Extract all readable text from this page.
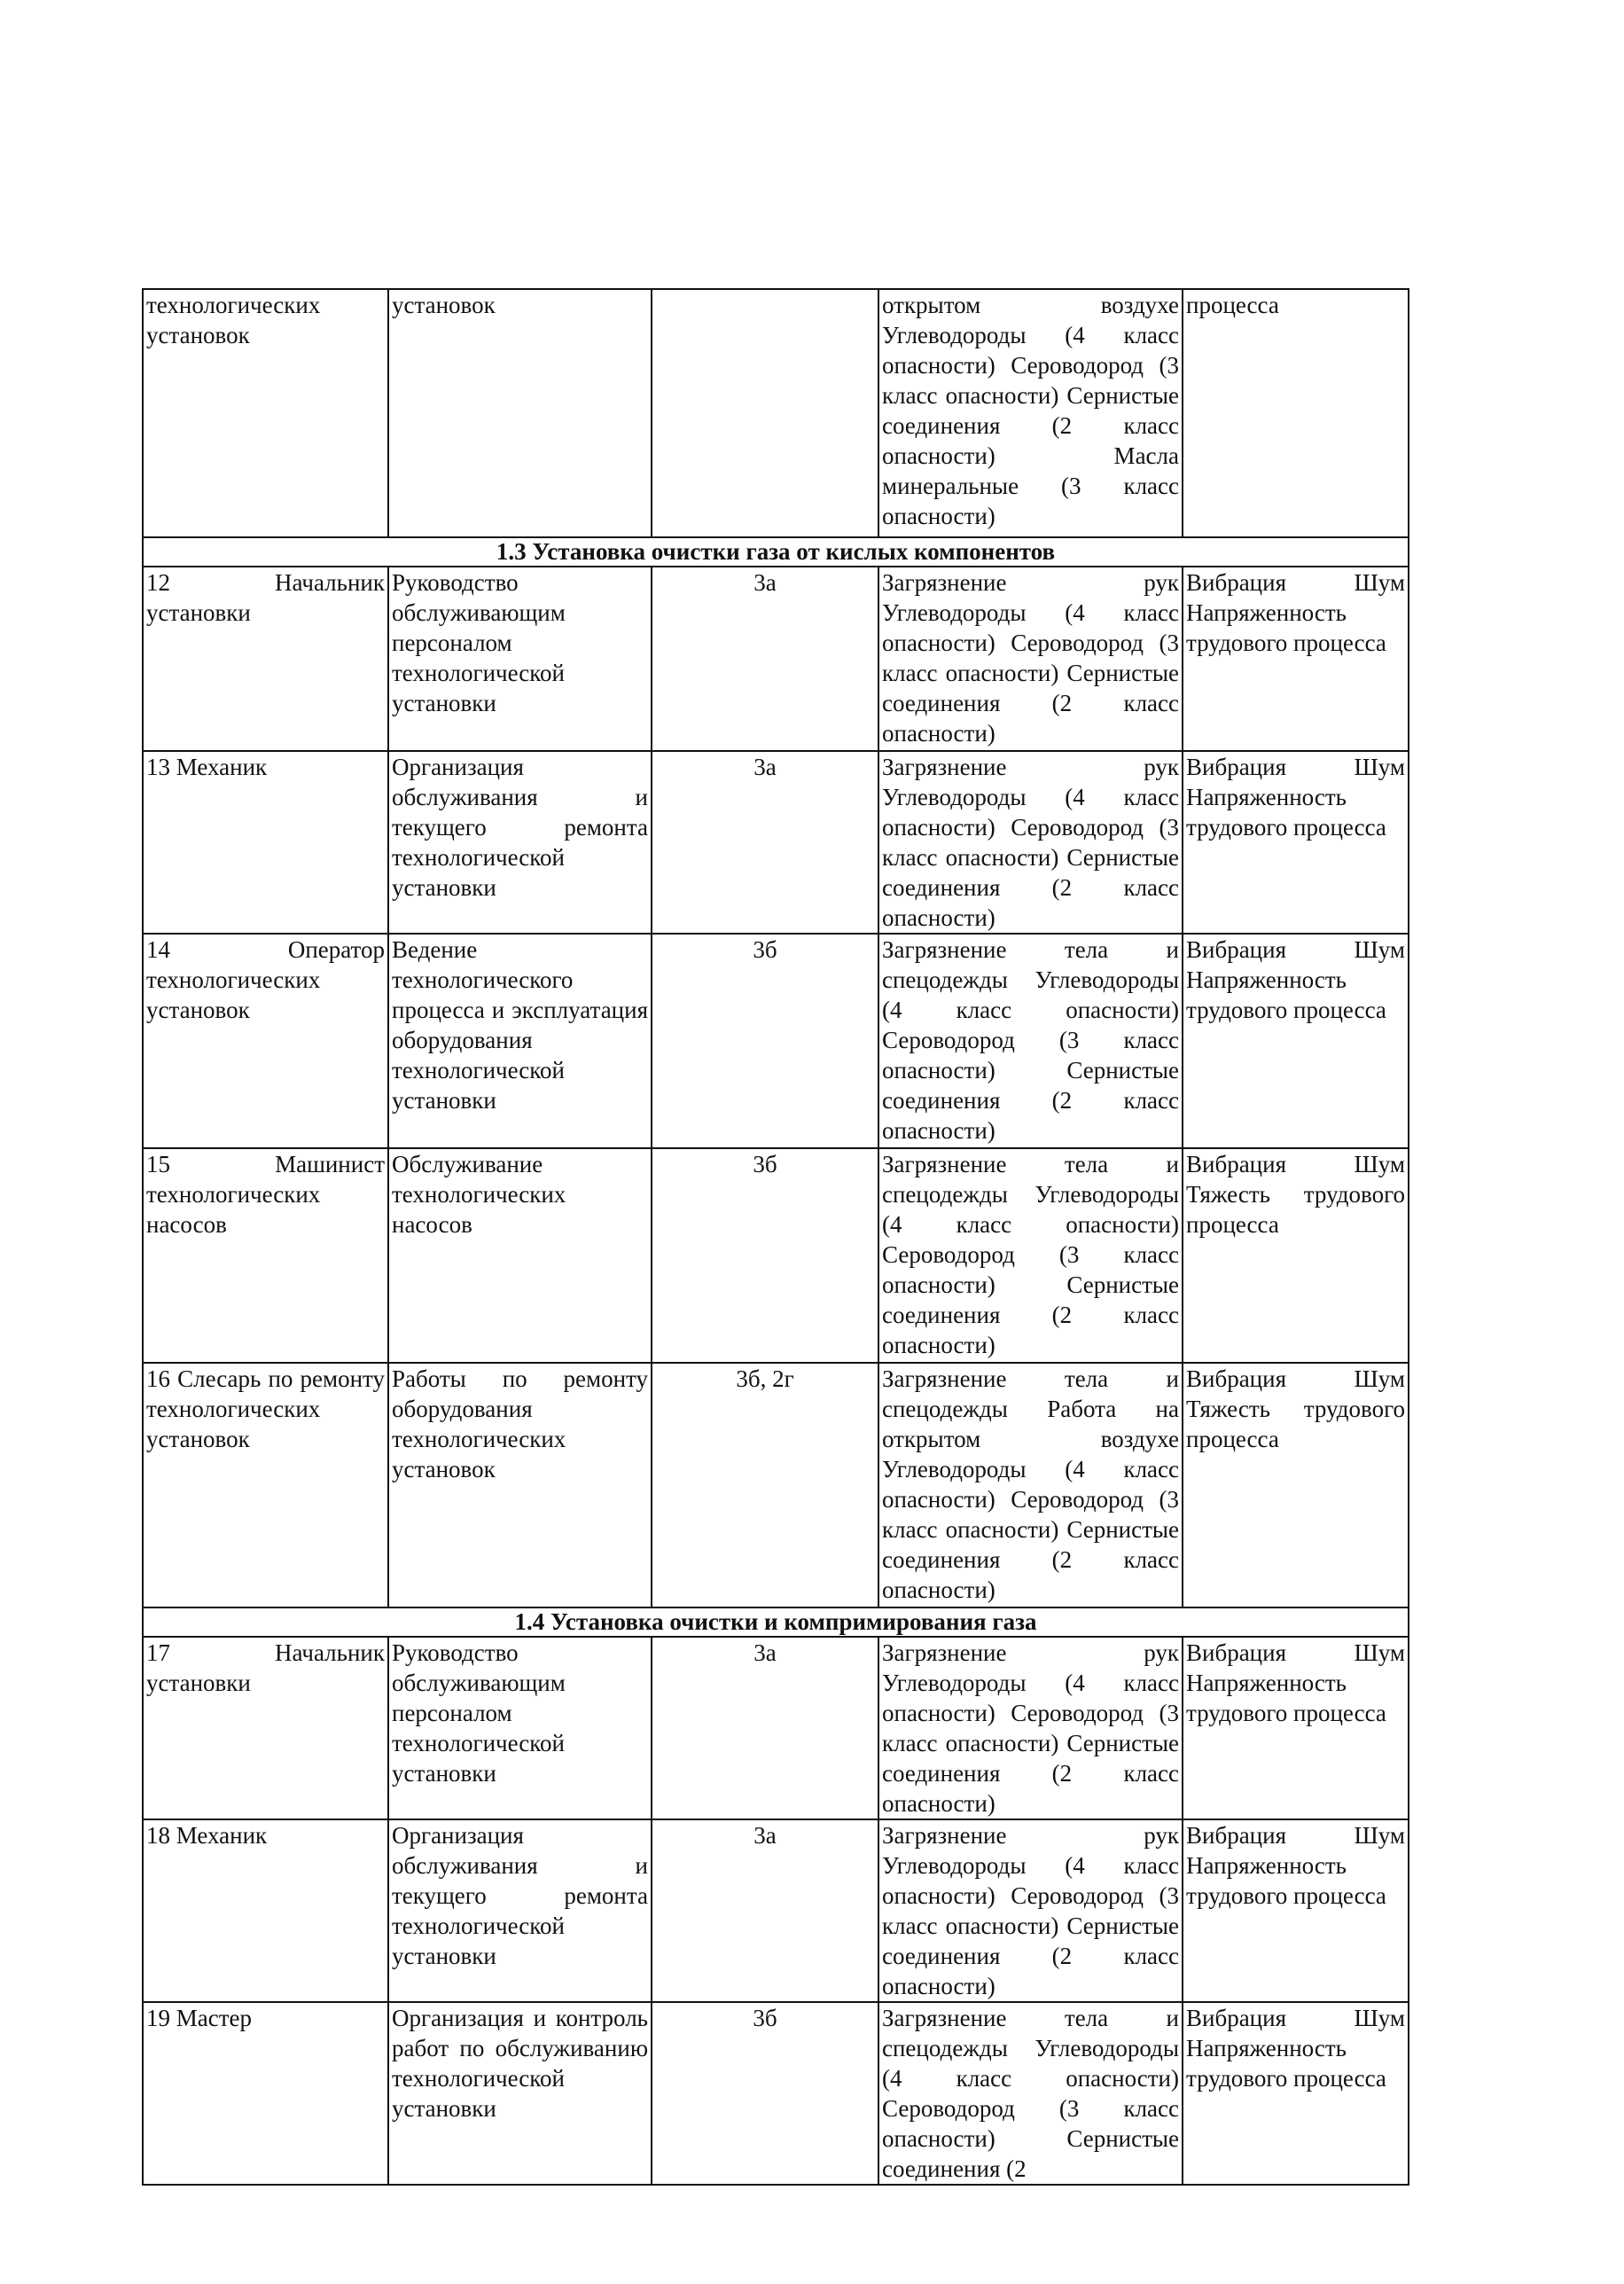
технологических установок	установок		открытом воздухе Углеводороды (4 класс опасности) Сероводород (3 класс опасности) Сернистые соединения (2 класс опасности) Масла минеральные (3 класс опасности)	процесса
1.3 Установка очистки газа от кислых компонентов				
12 Начальник установки	Руководство обслуживающим персоналом технологической установки	3а	Загрязнение рук Углеводороды (4 класс опасности) Сероводород (3 класс опасности) Сернистые соединения (2 класс опасности)	Вибрация Шум Напряженность трудового процесса
13 Механик	Организация обслуживания и текущего ремонта технологической установки	3а	Загрязнение рук Углеводороды (4 класс опасности) Сероводород (3 класс опасности) Сернистые соединения (2 класс опасности)	Вибрация Шум Напряженность трудового процесса
14 Оператор технологических установок	Ведение технологического процесса и эксплуатация оборудования технологической установки	3б	Загрязнение тела и спецодежды Углеводороды (4 класс опасности) Сероводород (3 класс опасности) Сернистые соединения (2 класс опасности)	Вибрация Шум Напряженность трудового процесса
15 Машинист технологических насосов	Обслуживание технологических насосов	3б	Загрязнение тела и спецодежды Углеводороды (4 класс опасности) Сероводород (3 класс опасности) Сернистые соединения (2 класс опасности)	Вибрация Шум Тяжесть трудового процесса
16 Слесарь по ремонту технологических установок	Работы по ремонту оборудования технологических установок	3б, 2г	Загрязнение тела и спецодежды Работа на открытом воздухе Углеводороды (4 класс опасности) Сероводород (3 класс опасности) Сернистые соединения (2 класс опасности)	Вибрация Шум Тяжесть трудового процесса
1.4 Установка очистки и компримирования газа				
17 Начальник установки	Руководство обслуживающим персоналом технологической установки	3а	Загрязнение рук Углеводороды (4 класс опасности) Сероводород (3 класс опасности) Сернистые соединения (2 класс опасности)	Вибрация Шум Напряженность трудового процесса
18 Механик	Организация обслуживания и текущего ремонта технологической установки	3а	Загрязнение рук Углеводороды (4 класс опасности) Сероводород (3 класс опасности) Сернистые соединения (2 класс опасности)	Вибрация Шум Напряженность трудового процесса
19 Мастер	Организация и контроль работ по обслуживанию технологической установки	3б	Загрязнение тела и спецодежды Углеводороды (4 класс опасности) Сероводород (3 класс опасности) Сернистые соединения (2	Вибрация Шум Напряженность трудового процесса
